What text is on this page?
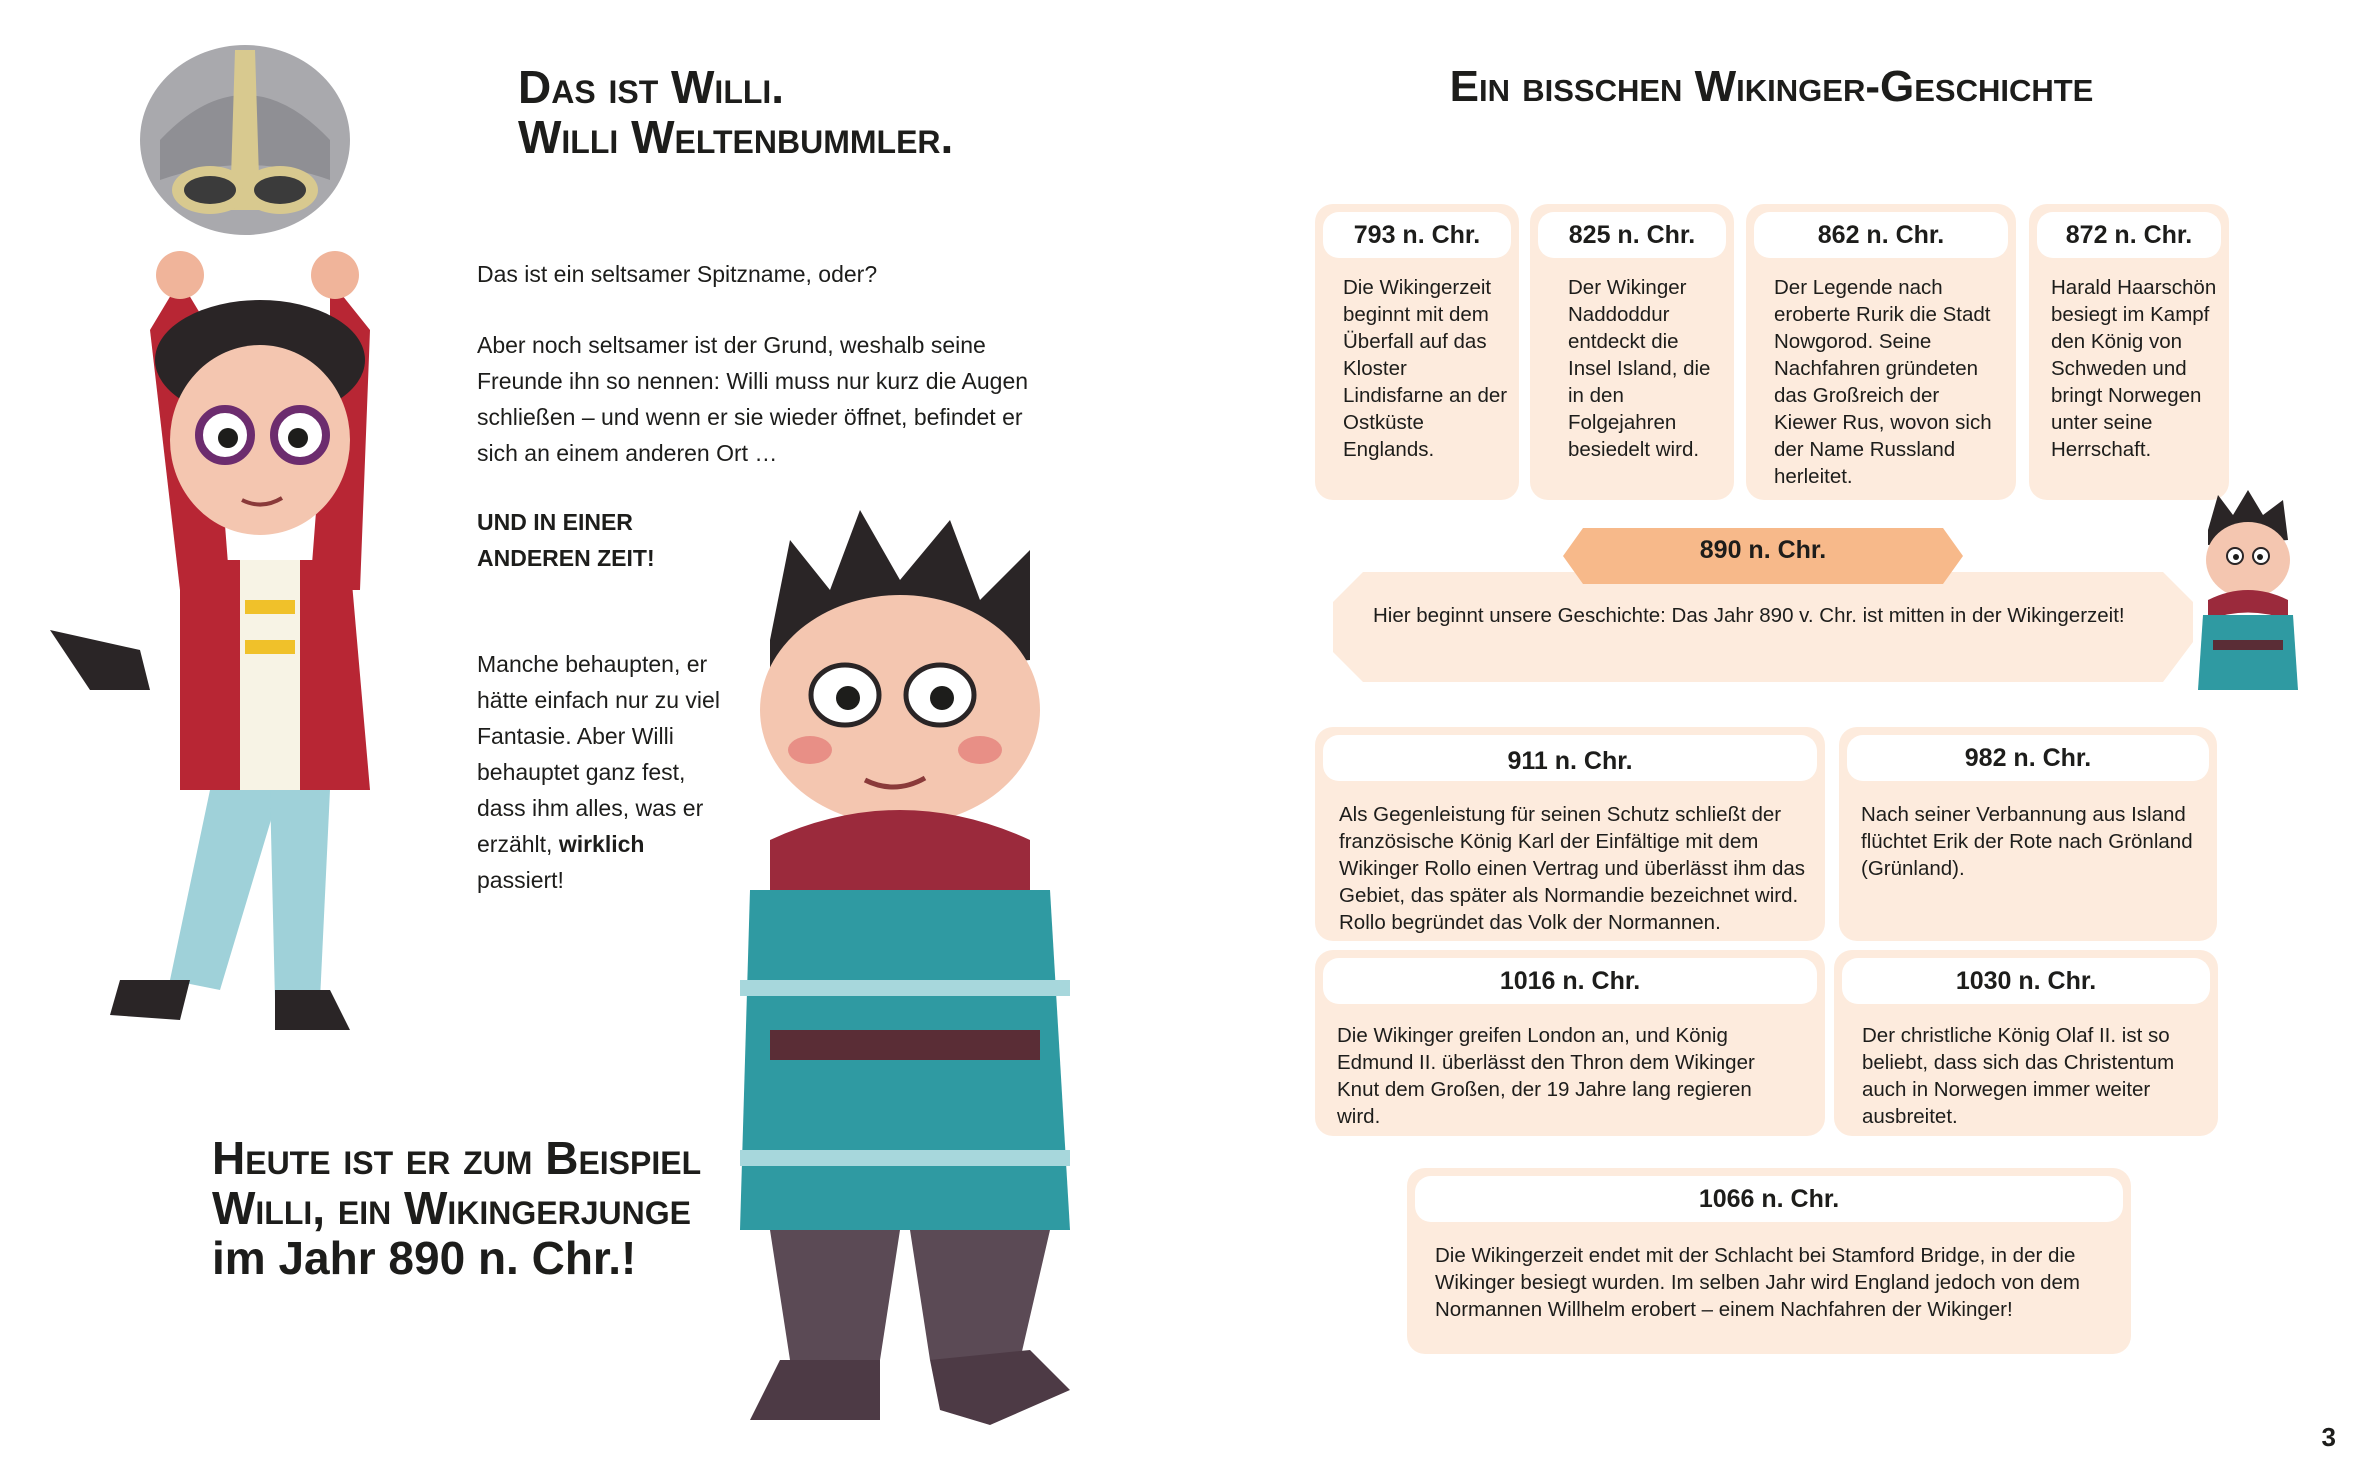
Das ist Willi.
Willi Weltenbummler.
Das ist ein seltsamer Spitzname, oder?
Aber noch seltsamer ist der Grund, weshalb seine Freunde ihn so nennen: Willi muss nur kurz die Augen schließen – und wenn er sie wieder öffnet, befindet er sich an einem anderen Ort …
UND IN EINER ANDEREN ZEIT!
Manche behaupten, er hätte einfach nur zu viel Fantasie. Aber Willi behauptet ganz fest, dass ihm alles, was er erzählt, wirklich passiert!
Heute ist er zum Beispiel
Willi, ein Wikingerjunge
im Jahr 890 n. Chr.!
Ein bisschen Wikinger-Geschichte
793 n. Chr.
Die Wikingerzeit beginnt mit dem Überfall auf das Kloster Lindisfarne an der Ostküste Englands.
825 n. Chr.
Der Wikinger Naddoddur entdeckt die Insel Island, die in den Folgejahren besiedelt wird.
862 n. Chr.
Der Legende nach eroberte Rurik die Stadt Nowgorod. Seine Nachfahren gründeten das Großreich der Kiewer Rus, wovon sich der Name Russland herleitet.
872 n. Chr.
Harald Haarschön besiegt im Kampf den König von Schweden und bringt Norwegen unter seine Herrschaft.
890 n. Chr.
Hier beginnt unsere Geschichte: Das Jahr 890 v. Chr. ist mitten in der Wikingerzeit!
911 n. Chr.
Als Gegenleistung für seinen Schutz schließt der französische König Karl der Einfältige mit dem Wikinger Rollo einen Vertrag und überlässt ihm das Gebiet, das später als Normandie bezeichnet wird. Rollo begründet das Volk der Normannen.
982 n. Chr.
Nach seiner Verbannung aus Island flüchtet Erik der Rote nach Grönland (Grünland).
1016 n. Chr.
Die Wikinger greifen London an, und König Edmund II. überlässt den Thron dem Wikinger Knut dem Großen, der 19 Jahre lang regieren wird.
1030 n. Chr.
Der christliche König Olaf II. ist so beliebt, dass sich das Christentum auch in Norwegen immer weiter ausbreitet.
1066 n. Chr.
Die Wikingerzeit endet mit der Schlacht bei Stamford Bridge, in der die Wikinger besiegt wurden. Im selben Jahr wird England jedoch von dem Normannen Willhelm erobert – einem Nachfahren der Wikinger!
3
